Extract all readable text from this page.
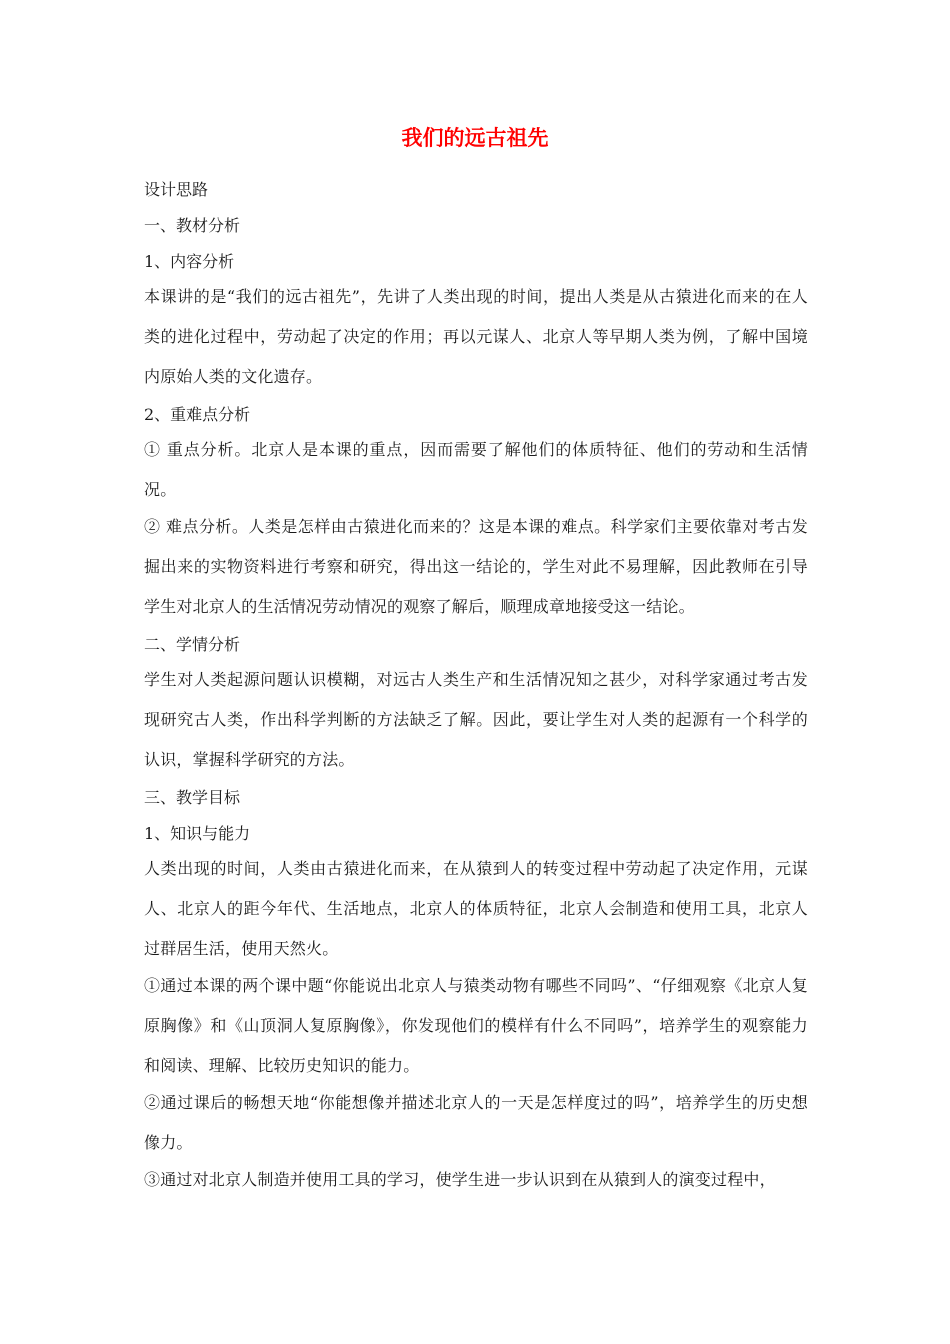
我们的远古祖先
设计思路
一、教材分析
1、内容分析
本课讲的是“我们的远古祖先”，先讲了人类出现的时间，提出人类是从古猿进化而来的在人类的进化过程中，劳动起了决定的作用；再以元谋人、北京人等早期人类为例，了解中国境内原始人类的文化遗存。
2、重难点分析
① 重点分析。北京人是本课的重点，因而需要了解他们的体质特征、他们的劳动和生活情况。
② 难点分析。人类是怎样由古猿进化而来的？这是本课的难点。科学家们主要依靠对考古发掘出来的实物资料进行考察和研究，得出这一结论的，学生对此不易理解，因此教师在引导学生对北京人的生活情况劳动情况的观察了解后，顺理成章地接受这一结论。
二、学情分析
学生对人类起源问题认识模糊，对远古人类生产和生活情况知之甚少，对科学家通过考古发现研究古人类，作出科学判断的方法缺乏了解。因此，要让学生对人类的起源有一个科学的认识，掌握科学研究的方法。
三、教学目标
1、知识与能力
人类出现的时间，人类由古猿进化而来，在从猿到人的转变过程中劳动起了决定作用，元谋人、北京人的距今年代、生活地点，北京人的体质特征，北京人会制造和使用工具，北京人过群居生活，使用天然火。
①通过本课的两个课中题“你能说出北京人与猿类动物有哪些不同吗”、“仔细观察《北京人复原胸像》和《山顶洞人复原胸像》，你发现他们的模样有什么不同吗”，培养学生的观察能力和阅读、理解、比较历史知识的能力。
②通过课后的畅想天地“你能想像并描述北京人的一天是怎样度过的吗”，培养学生的历史想像力。
③通过对北京人制造并使用工具的学习，使学生进一步认识到在从猿到人的演变过程中，
